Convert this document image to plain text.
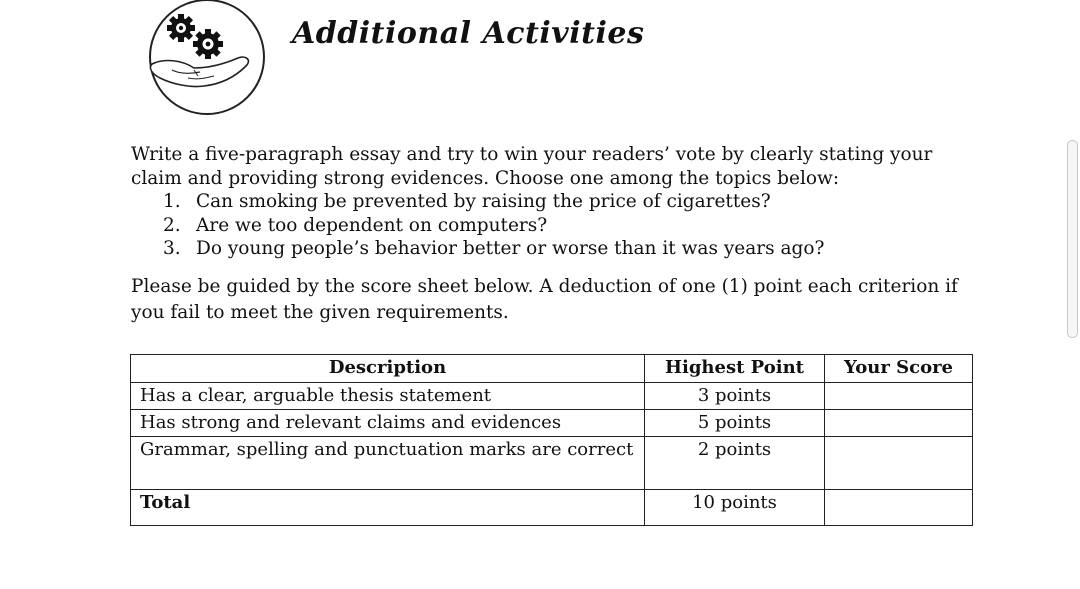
Additional Activities

Write a five-paragraph essay and try to win your readers’ vote by clearly stating your claim and providing strong evidences. Choose one among the topics below:

1. Can smoking be prevented by raising the price of cigarettes?
2. Are we too dependent on computers?
3. Do young people’s behavior better or worse than it was years ago?

Please be guided by the score sheet below. A deduction of one (1) point each criterion if you fail to meet the given requirements.

Description	Highest Point	Your Score
Has a clear, arguable thesis statement	3 points	
Has strong and relevant claims and evidences	5 points	
Grammar, spelling and punctuation marks are correct	2 points	
Total	10 points	
